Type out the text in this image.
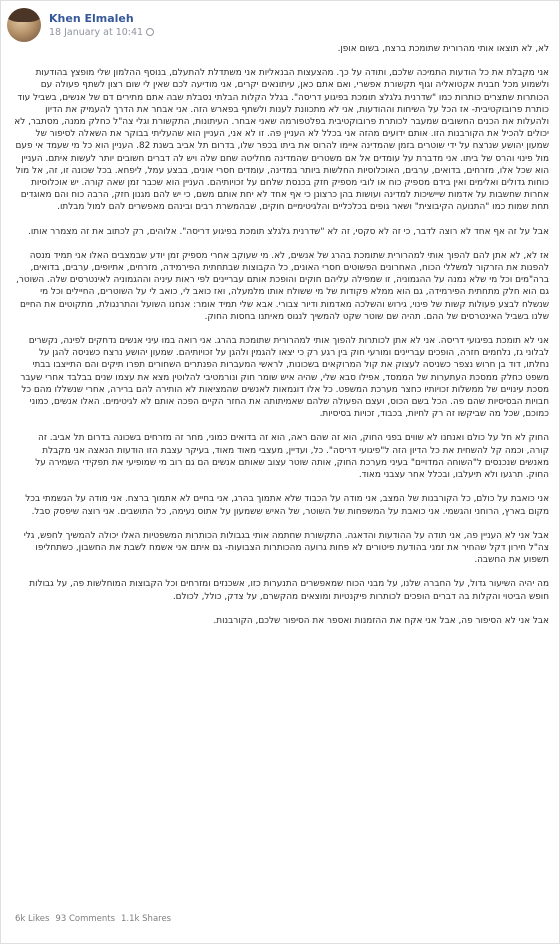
Khen Elmaleh
18 January at 10:41

לא, לא תוצאו אותי מהרורית שתומכת ברצח, בשום אופן.

אני מקבלת את כל הודעות התמיכה שלכם, ותודה על כך. מהצעצות הבנאליות אני משתדלת להתעלם, בנוסף ההלמון שלי מופצץ בהודעות ולשמוע מכל חבנית אקטואליה וגוף תקשורת אפשרי, ואם אתם כאן, עיתונאים יקרים, אני מודיעה לכם שאין לי שום רצון לשתף פעולה עם הכותרות שתצרים כותרות כמו "שדרנית גלגלצ תומכת בפיגוע דריסה". בגלל הקלות הבלתי נסבלת שבה אתם מתירים דם של אנשים, בשביל עוד כותרת פרובוקטיבית- אז הכל על השיחות וההודעות, אני לא מתכוונת לענות ולשתף בפארש הזה. אני אבחר את הדרך להעמיק את הדיון ולהעלות את הכנים החשובים שמעבר לכותרת פרובוקטיבית בפלטפורמה שאני אבחר. העיתונות, התקשורת וגלי צה"ל כחלק ממנה, מסתבר, לא יכולים להכיל את הקורבנות הזו. אותם ידועים מהזה אני בכלל לא העניין פה. זו לא אני, העניין הוא שהעליתי בבוקר את השאלה לסיפור של שמעון יהושע שנרצח על ידי שוטרים בזמן שהמדינה איימו להרוס את ביתו בכפר שלו, בדרום תל אביב בשנת 82. העניין הוא כל מי שעמד אי פעם מול פינוי והרס של ביתו. אני מדברת על עומדים אל אם משטרים שהמדינה מחליטה שחם שלה ויש לה דברים חשובים יותר לעשות איתם. העניין הוא שכל אלו, מזרחים, בדואים, ערבים, האוכלוסיות החלשות ביותר במדינה, עומדים חסרי אונים, בבצע עמל, ליפחא. בכל שכונה זו, זה, אל מול כוחות גדולים ואלימים ואין בידם מספיק כוח או לובי מספיק חזק בכנסת שלחם על זכויותיהם. העניין הוא שכבר זמן שאה קורה. יש אוכלוסיות אחרות שחשבות על אדמות שיישיכות למדינה ועושות בהן כרצונן כי אף אחד לא יחת אותם משם, כי יש להם מגנון חזק, הרבה כוח והם מאוגדים תחת שמות כמו "התנועה הקיבוצית" ושאר גופים בכלכליים והלגיטימיים חוקים, שבהמשרת רבים ובינהם מאפשרים להם למול מבלתו.

אבל על זה אף אחד לא רוצה לדבר, כי זה לא סקסי, זה לא "שדרנית גלגלצ תומכת בפיגוע דריסה". אלוהים, רק לכתוב את זה מצמרר אותו.

אז לא, לא אתן להם להפוך אותי למהרורית שתומכת בהרג של אנשים, לא. מי שעוקב אחרי מספיק זמן יודע שבמצבים האלו אני תמיד מנסה להפנות את הזרקור למשללי הכוח, האחרונים הפשוטים חסרי האונים, כל הקבוצות שבתחתית הפירמידה, מזרחים, אתיופים, ערבים, בדואים, ברה"מים וכל מי שלא נמנה על ההגמוניה, זו שמפילה עליהם חוקים והופכת אותם עבריינים לפי ראות עיניה וההגמוניה לאינטרסים שלה. השוטר, גם הוא חלק מתחתית הפירמידה, גם הוא ממלא פקודות של מי ששולח אותו מלמעלה, ואז כואב לי, כואב לי על השוטרים, החיילים וכל מי שנשלח לבצע פעולות קשות של פינוי, גירוש והשלכה מאדמות ודיור צבורי. אבא שלי תמיד אומר: אנחנו השועל והתרנגולת, מתקוטים את החיים שלנו בשביל האינטרסים של ההם. תהיה שם שוטר שקט להמשיך לנגוס מאיתנו בחסות החוק.

אני לא תומכת בפיגועי דריסה. אני לא אתן לכותרות להפוך אותי למהרורית שתומכת בהרג. אני רואה במו עיני אנשים נדחקים לפינה, נקשרים לבלוני גז, נלחמים חזרה, הופכים עבריינים ומורעי חוק בין רגע רק כי יצאו להגמין ולהגן על זכויותיהם. שמעון יהושע נרצח כשניסה להגן על נחלתו, דוד בן חרוש נצפר כשניסה לעצוק את קול המרוקאים בשכונות, לראשי המעברות הפנתרים השחורים תפרו תיקים והם התייצבו בבתי משפט כחלק ממסכת העתערות של הממסד, אפילו סבא שלי, שהיה איש שומר חוק ונורמטיבי להלוטין מצא את עצמו שנים בבלבד אחרי שעבר מסכת עינויים של ממשלות זכויותיו כחצר מערכת המשפט. כל אלו דוגמאות לאנשים שהמציאות לא הותירה להם ברירה, אחרי שנשללו מהם כל חבויות הבסיסיות שהם פה. הכל בשם הכוס, ועצם הפעולה שלהם שאמיתותה את החזר הקיים הפכה אותם לא לגיטימים. האלו אנשים, כמוני כמוכם, שכל מה שביקשו זה רק לחיות, בכבוד, זכויות בסיסיות.

החוק לא חל על כולם ואנחנו לא שווים בפני החוק, הוא זה שהם ראה, הוא זה בדואים כמוני, מחר זה מזרחים בשכונה בדרום תל אביב. זה קורה, וכמה קל להשחית את כל הדיון הזה ל"פיגועי דריסה". כל, ועדיין, מעצבי מאוד מאוד, בעיקר עצבת הזו הודעות הנאצה אני מקבלת מאנשים שנכנסים ל"השוחה המדויים" בעיני מערכת החוק, אותה שוטר עצוב שאותם אנשים הם גם רוב מי שמופיעי את תפקידי השמירה על החוק. תרגעו ולא תיעלבו, ובכלל אחר עצבני מאוד.

אני כואבת על כולם, כל הקורבנות של המצב, אני מודה על הכבוד שלא אתמוך בהרג, אני בחיים לא אתמוך ברצח. אני מודה על הגשמתי בכל מקום בארץ, הרוחני והגשמי. אני כואבת על המשפחות של השוטר, של האיש ששמעון על אתוס נעימה, כל התושבים. אני רוצה שיפסק סבל.

אבל אני לא העניין פה, אני תודה על ההודעות והדאגה. התקשורת שחתמה אותי בגבולות הכותרות המשפטיות האלו יכולה להמשיך לחפש, גלי צה"ל חירון דקל שהחיר את זמני בהודעת פיטורים לא פחות גרועה מהכותרות הצבועות- גם איתם אני אשמח לשבת את החשבון, כשתחליפו תשפוע את החשבה.

מה יהיה השיעור גדול, על החברה שלנו, על מבני הכוח שמאפשרים התנערות כזו, אשכנזים ומזרחים וכל הקבוצות המוחלשות פה, על גבולות חופש הביטוי והקלות בה דברים הופכים לכותרות פיקנטיות ומוצאים מהקשרם, על צדק, כולל, לכולם.

אבל אני לא הסיפור פה, אבל אני אקח את ההזמנות ואספר את הסיפור שלכם, הקורבנות.

6k Likes 93 Comments 1.1k Shares
